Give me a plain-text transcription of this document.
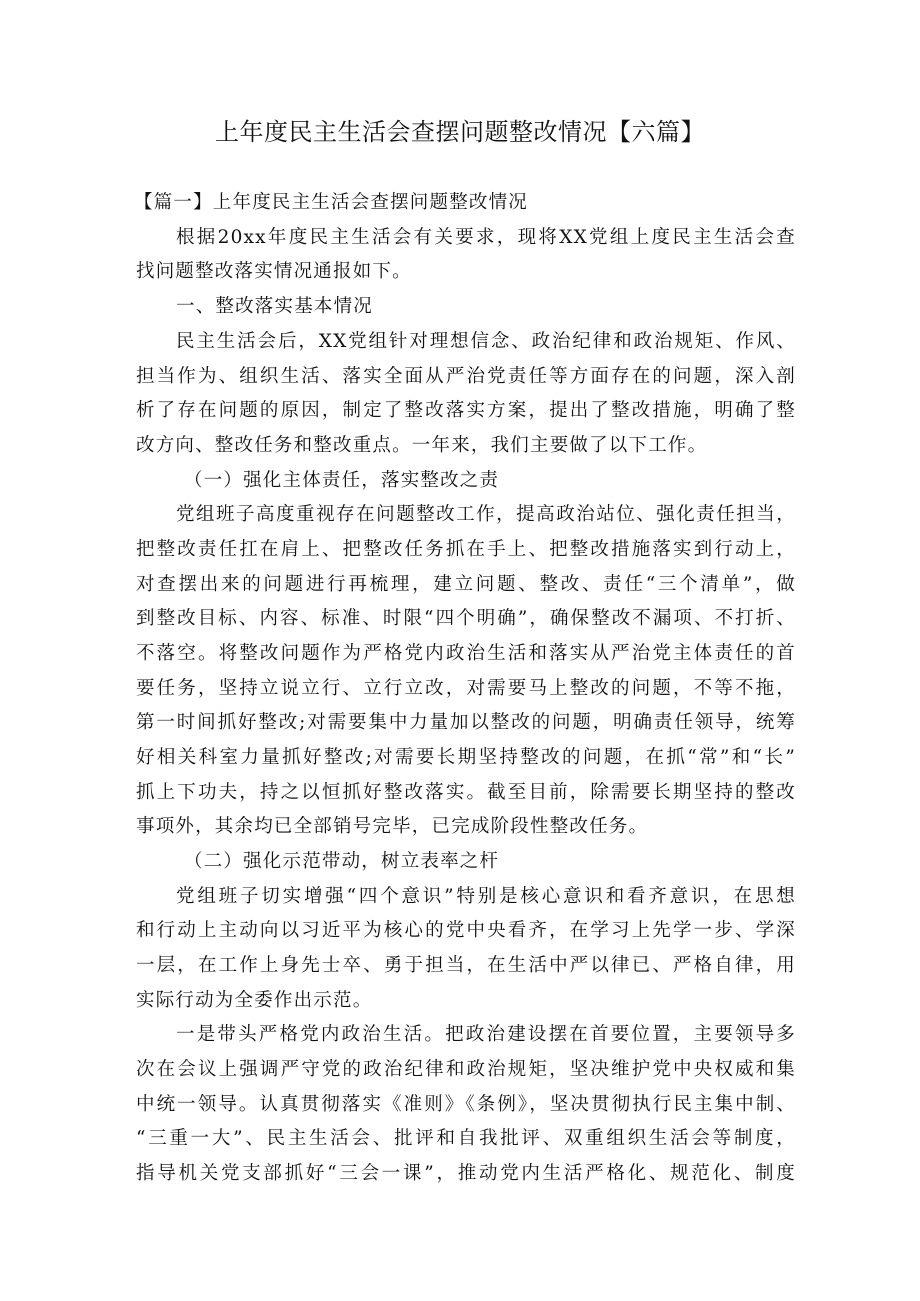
上年度民主生活会查摆问题整改情况【六篇】
【篇一】上年度民主生活会查摆问题整改情况
根据20xx年度民主生活会有关要求，现将XX党组上度民主生活会查
找问题整改落实情况通报如下。
一、整改落实基本情况
民主生活会后，XX党组针对理想信念、政治纪律和政治规矩、作风、
担当作为、组织生活、落实全面从严治党责任等方面存在的问题，深入剖
析了存在问题的原因，制定了整改落实方案，提出了整改措施，明确了整
改方向、整改任务和整改重点。一年来，我们主要做了以下工作。
（一）强化主体责任，落实整改之责
党组班子高度重视存在问题整改工作，提高政治站位、强化责任担当，
把整改责任扛在肩上、把整改任务抓在手上、把整改措施落实到行动上，
对查摆出来的问题进行再梳理，建立问题、整改、责任“三个清单”，做
到整改目标、内容、标准、时限“四个明确”，确保整改不漏项、不打折、
不落空。将整改问题作为严格党内政治生活和落实从严治党主体责任的首
要任务，坚持立说立行、立行立改，对需要马上整改的问题，不等不拖，
第一时间抓好整改;对需要集中力量加以整改的问题，明确责任领导，统筹
好相关科室力量抓好整改;对需要长期坚持整改的问题，在抓“常”和“长”
抓上下功夫，持之以恒抓好整改落实。截至目前，除需要长期坚持的整改
事项外，其余均已全部销号完毕，已完成阶段性整改任务。
（二）强化示范带动，树立表率之杆
党组班子切实增强“四个意识”特别是核心意识和看齐意识，在思想
和行动上主动向以习近平为核心的党中央看齐，在学习上先学一步、学深
一层，在工作上身先士卒、勇于担当，在生活中严以律已、严格自律，用
实际行动为全委作出示范。
一是带头严格党内政治生活。把政治建设摆在首要位置，主要领导多
次在会议上强调严守党的政治纪律和政治规矩，坚决维护党中央权威和集
中统一领导。认真贯彻落实《准则》《条例》，坚决贯彻执行民主集中制、
“三重一大”、民主生活会、批评和自我批评、双重组织生活会等制度，
指导机关党支部抓好“三会一课”，推动党内生活严格化、规范化、制度
